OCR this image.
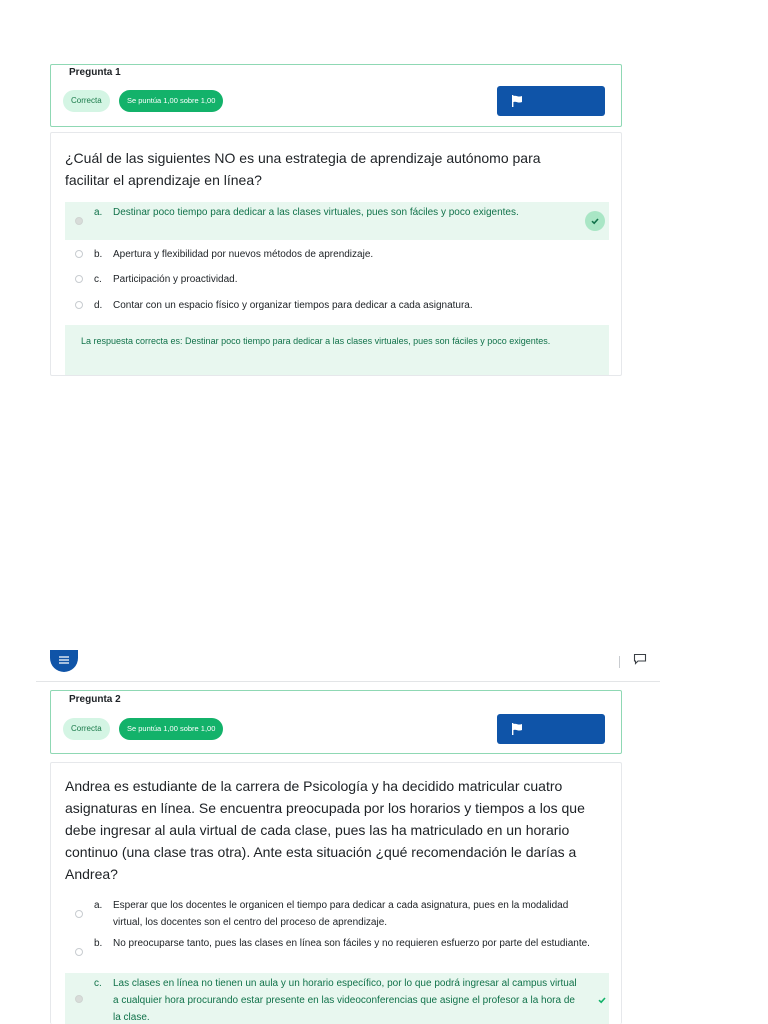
Pregunta 1
Correcta	Se puntúa 1,00 sobre 1,00
¿Cuál de las siguientes NO es una estrategia de aprendizaje autónomo para facilitar el aprendizaje en línea?
a. Destinar poco tiempo para dedicar a las clases virtuales, pues son fáciles y poco exigentes.
b. Apertura y flexibilidad por nuevos métodos de aprendizaje.
c. Participación y proactividad.
d. Contar con un espacio físico y organizar tiempos para dedicar a cada asignatura.
La respuesta correcta es: Destinar poco tiempo para dedicar a las clases virtuales, pues son fáciles y poco exigentes.
Pregunta 2
Correcta	Se puntúa 1,00 sobre 1,00
Andrea es estudiante de la carrera de Psicología y ha decidido matricular cuatro asignaturas en línea. Se encuentra preocupada por los horarios y tiempos a los que debe ingresar al aula virtual de cada clase, pues las ha matriculado en un horario continuo (una clase tras otra). Ante esta situación ¿qué recomendación le darías a Andrea?
a. Esperar que los docentes le organicen el tiempo para dedicar a cada asignatura, pues en la modalidad virtual, los docentes son el centro del proceso de aprendizaje.
b. No preocuparse tanto, pues las clases en línea son fáciles y no requieren esfuerzo por parte del estudiante.
c. Las clases en línea no tienen un aula y un horario específico, por lo que podrá ingresar al campus virtual a cualquier hora procurando estar presente en las videoconferencias que asigne el profesor a la hora de la clase.
